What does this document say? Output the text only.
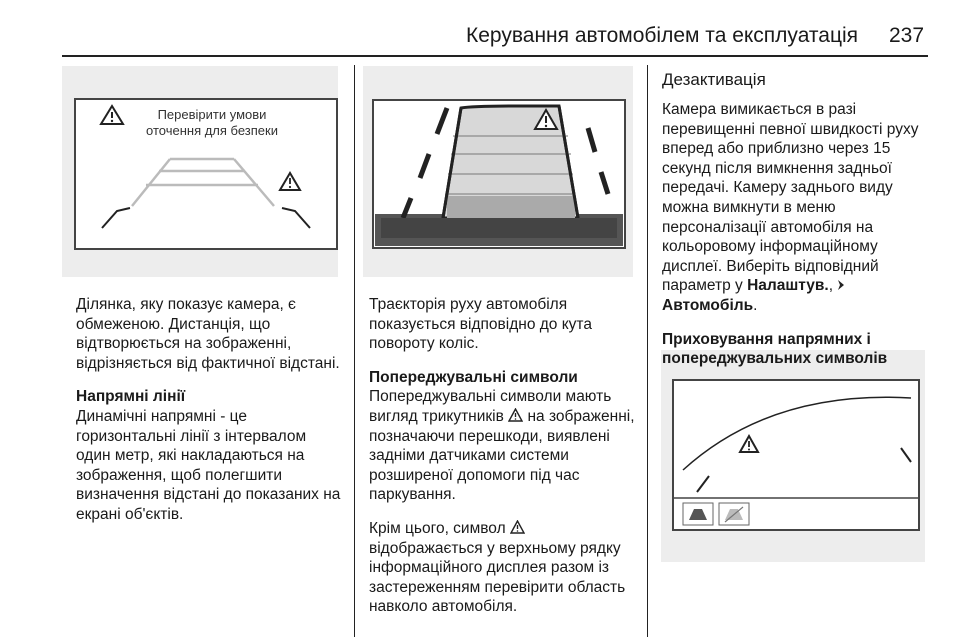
Керування автомобілем та експлуатація 237
Перевірити умови
оточення для безпеки

Ділянка, яку показує камера, є обмеженою. Дистанція, що відтворюється на зображенні, відрізняється від фактичної відстані.

Напрямні лінії

Динамічні напрямні - це горизонтальні лінії з інтервалом один метр, які накладаються на зображення, щоб полегшити визначення відстані до показаних на екрані об'єктів.

Траєкторія руху автомобіля показується відповідно до кута повороту коліс.

Попереджувальні символи

Попереджувальні символи мають вигляд трикутників на зображенні, позначаючи перешкоди, виявлені задніми датчиками системи розширеної допомоги під час паркування.

Крім цього, символ  відображається у верхньому рядку інформаційного дисплея разом із застереженням перевірити область навколо автомобіля.

Дезактивація

Камера вимикається в разі перевищенні певної швидкості руху вперед або приблизно через 15 секунд після вимкнення задньої передачі. Камеру заднього виду можна вимкнути в меню персоналізації автомобіля на кольоровому інформаційному дисплеї. Виберіть відповідний параметр у Налаштув.,  Автомобіль.

Приховування напрямних і попереджувальних символів
